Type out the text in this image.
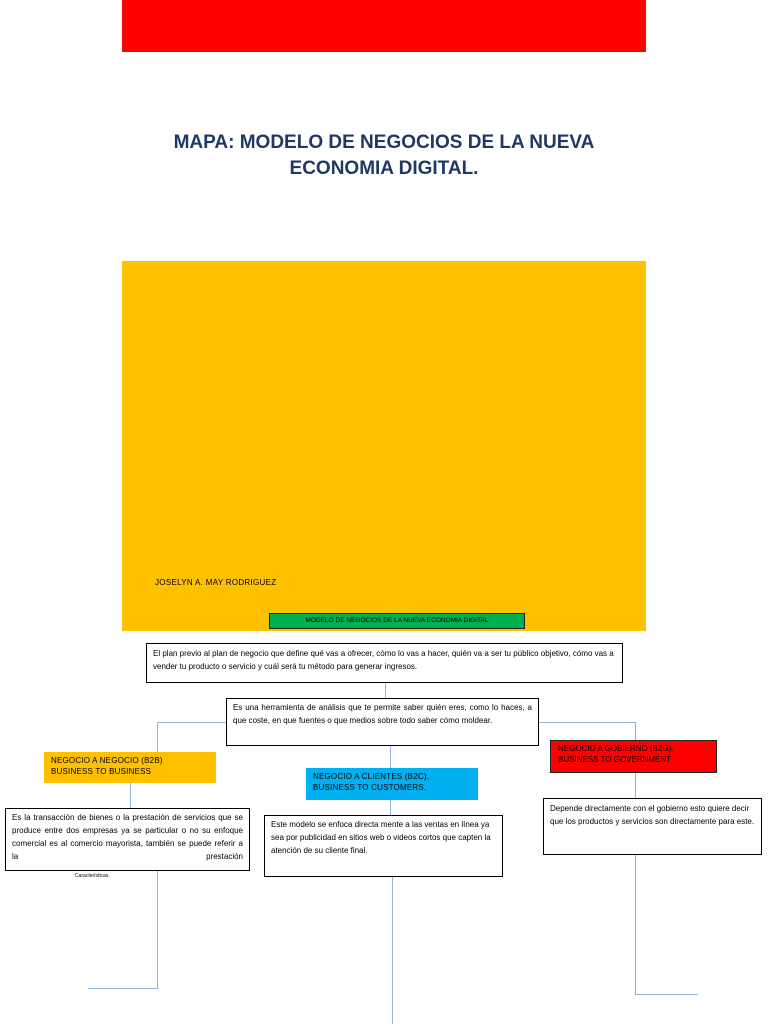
MAPA: MODELO DE NEGOCIOS DE LA NUEVA
ECONOMIA DIGITAL.
JOSELYN A. MAY RODRIGUEZ
MODELO DE NEGOCIOS DE LA NUEVA ECONOMIA DIGITAL
El plan previo al plan de negocio que define qué vas a ofrecer, cómo lo vas a hacer, quién va a ser tu público objetivo, cómo vas a vender tu producto o servicio y cuál será tu método para generar ingresos.
Es una herramienta de análisis que te permite saber quién eres, como lo haces, a que coste, en que fuentes o que medios sobre todo saber cómo moldear.
NEGOCIO A NEGOCIO (B2B)
BUSINESS TO BUSINESS
NEGOCIO A CLIENTES (B2C).
BUSINESS TO CUSTOMERS.
NEGOCIO A GOBIERNO (B2G).
BUSINESS TO GOVERNMENT
Es la transacción de bienes o la prestación de servicios que se produce entre dos empresas ya se particular o no su enfoque comercial es al comercio mayorista, también se puede referir a la prestación
Características.
Este modelo se enfoca directa mente a las ventas en línea ya sea por publicidad en sitios web o videos cortos que capten la atención de su cliente final.
Depende directamente con el gobierno esto quiere decir que los productos y servicios son directamente para este.
